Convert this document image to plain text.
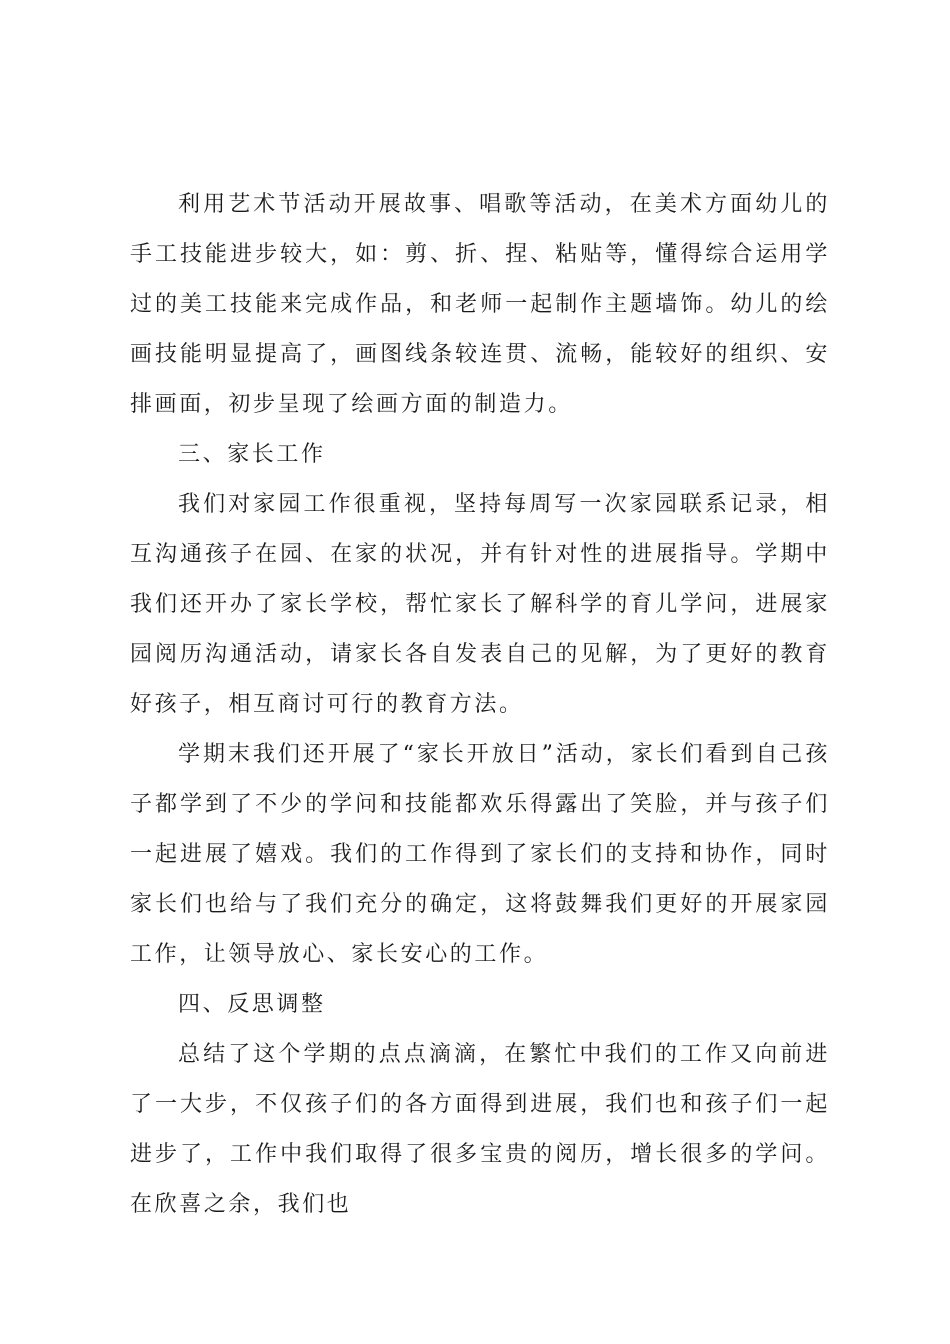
利用艺术节活动开展故事、唱歌等活动，在美术方面幼儿的手工技能进步较大，如：剪、折、捏、粘贴等，懂得综合运用学过的美工技能来完成作品，和老师一起制作主题墙饰。幼儿的绘画技能明显提高了，画图线条较连贯、流畅，能较好的组织、安排画面，初步呈现了绘画方面的制造力。

三、家长工作

我们对家园工作很重视，坚持每周写一次家园联系记录，相互沟通孩子在园、在家的状况，并有针对性的进展指导。学期中我们还开办了家长学校，帮忙家长了解科学的育儿学问，进展家园阅历沟通活动，请家长各自发表自己的见解，为了更好的教育好孩子，相互商讨可行的教育方法。

学期末我们还开展了“家长开放日”活动，家长们看到自己孩子都学到了不少的学问和技能都欢乐得露出了笑脸，并与孩子们一起进展了嬉戏。我们的工作得到了家长们的支持和协作，同时家长们也给与了我们充分的确定，这将鼓舞我们更好的开展家园工作，让领导放心、家长安心的工作。

四、反思调整

总结了这个学期的点点滴滴，在繁忙中我们的工作又向前进了一大步，不仅孩子们的各方面得到进展，我们也和孩子们一起进步了，工作中我们取得了很多宝贵的阅历，增长很多的学问。在欣喜之余，我们也
